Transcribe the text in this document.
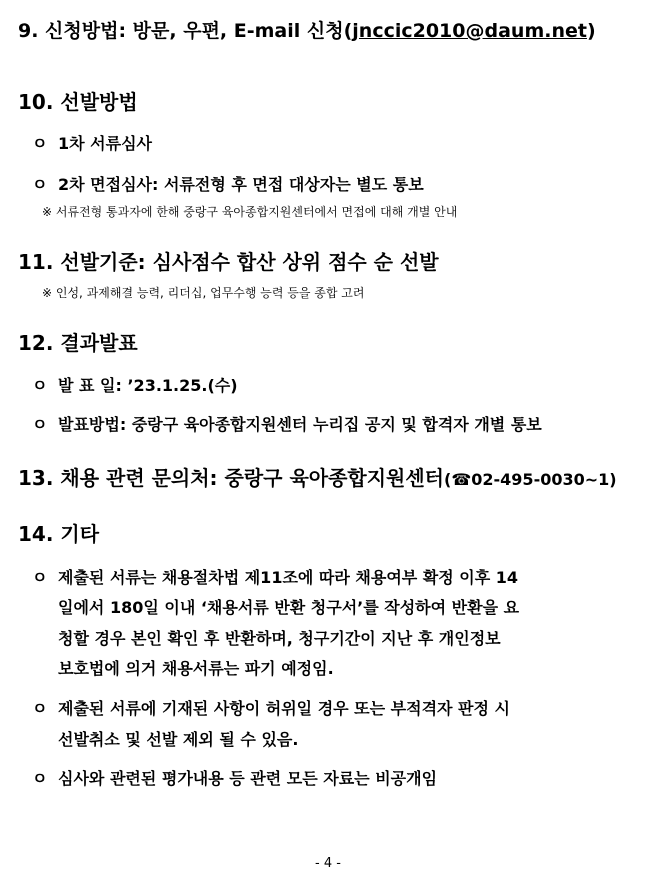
9. 신청방법: 방문, 우편, E-mail 신청(jnccic2010@daum.net)
10. 선발방법
ㅇ 1차 서류심사
ㅇ 2차 면접심사: 서류전형 후 면접 대상자는 별도 통보
※ 서류전형 통과자에 한해 중랑구 육아종합지원센터에서 면접에 대해 개별 안내
11. 선발기준: 심사점수 합산 상위 점수 순 선발
※ 인성, 과제해결 능력, 리더십, 업무수행 능력 등을 종합 고려
12. 결과발표
ㅇ 발 표 일: ’23.1.25.(수)
ㅇ 발표방법: 중랑구 육아종합지원센터 누리집 공지 및 합격자 개별 통보
13. 채용 관련 문의처: 중랑구 육아종합지원센터(☎02-495-0030~1)
14. 기타
ㅇ 제출된 서류는 채용절차법 제11조에 따라 채용여부 확정 이후 14
일에서 180일 이내 ‘채용서류 반환 청구서’를 작성하여 반환을 요
청할 경우 본인 확인 후 반환하며, 청구기간이 지난 후 개인정보
보호법에 의거 채용서류는 파기 예정임.
ㅇ 제출된 서류에 기재된 사항이 허위일 경우 또는 부적격자 판정 시
선발취소 및 선발 제외 될 수 있음.
ㅇ 심사와 관련된 평가내용 등 관련 모든 자료는 비공개임
- 4 -
